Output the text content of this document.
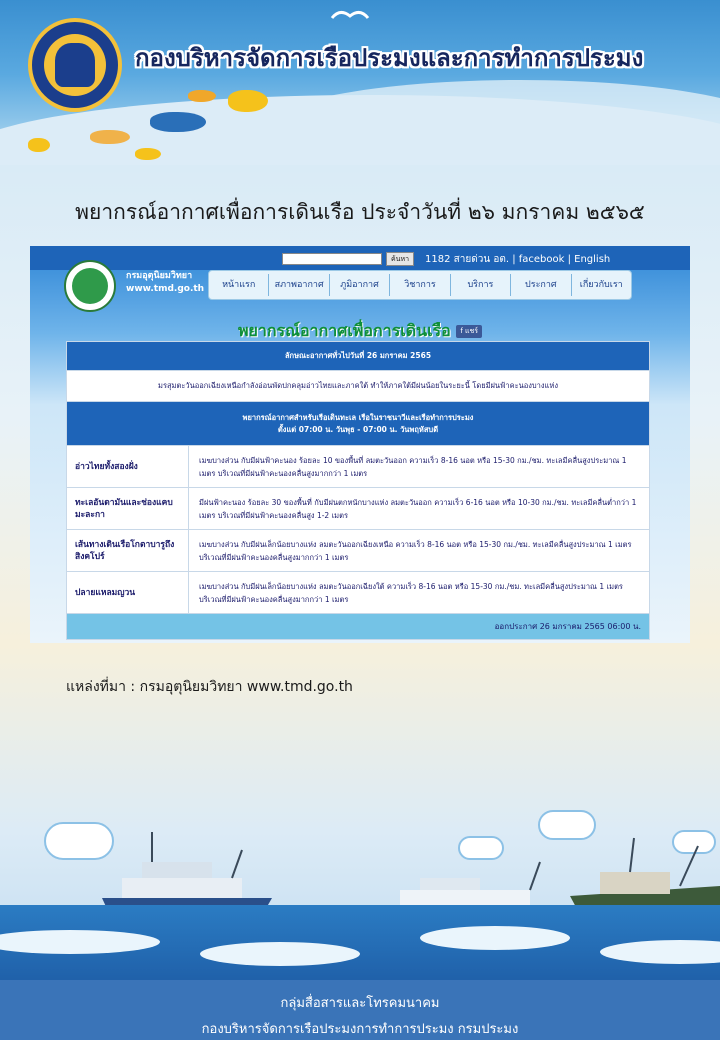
กองบริหารจัดการเรือประมงและการทำการประมง
พยากรณ์อากาศเพื่อการเดินเรือ ประจำวันที่ ๒๖ มกราคม ๒๕๖๕
ค้นหา	1182 สายด่วน อต. | facebook | English
กรมอุตุนิยมวิทยา
www.tmd.go.th	หน้าแรก	สภาพอากาศ	ภูมิอากาศ	วิชาการ	บริการ	ประกาศ	เกี่ยวกับเรา
พยากรณ์อากาศเพื่อการเดินเรือ f แชร์
ลักษณะอากาศทั่วไปวันที่ 26 มกราคม 2565	
มรสุมตะวันออกเฉียงเหนือกำลังอ่อนพัดปกคลุมอ่าวไทยและภาคใต้ ทำให้ภาคใต้มีฝนน้อยในระยะนี้ โดยมีฝนฟ้าคะนองบางแห่ง	

พยากรณ์อากาศสำหรับเรือเดินทะเล เรือในราชนาวีและเรือทำการประมง
ตั้งแต่ 07:00 น. วันพุธ - 07:00 น. วันพฤหัสบดี	

อ่าวไทยทั้งสองฝั่ง	เมฆบางส่วน กับมีฝนฟ้าคะนอง ร้อยละ 10 ของพื้นที่ ลมตะวันออก ความเร็ว 8-16 นอต หรือ 15-30 กม./ชม. ทะเลมีคลื่นสูงประมาณ 1 เมตร บริเวณที่มีฝนฟ้าคะนองคลื่นสูงมากกว่า 1 เมตร
ทะเลอันดามันและช่องแคบมะละกา	มีฝนฟ้าคะนอง ร้อยละ 30 ของพื้นที่ กับมีฝนตกหนักบางแห่ง ลมตะวันออก ความเร็ว 6-16 นอต หรือ 10-30 กม./ชม. ทะเลมีคลื่นต่ำกว่า 1 เมตร บริเวณที่มีฝนฟ้าคะนองคลื่นสูง 1-2 เมตร
เส้นทางเดินเรือโกตาบารูถึงสิงคโปร์	เมฆบางส่วน กับมีฝนเล็กน้อยบางแห่ง ลมตะวันออกเฉียงเหนือ ความเร็ว 8-16 นอต หรือ 15-30 กม./ชม. ทะเลมีคลื่นสูงประมาณ 1 เมตร บริเวณที่มีฝนฟ้าคะนองคลื่นสูงมากกว่า 1 เมตร
ปลายแหลมญวน	เมฆบางส่วน กับมีฝนเล็กน้อยบางแห่ง ลมตะวันออกเฉียงใต้ ความเร็ว 8-16 นอต หรือ 15-30 กม./ชม. ทะเลมีคลื่นสูงประมาณ 1 เมตร บริเวณที่มีฝนฟ้าคะนองคลื่นสูงมากกว่า 1 เมตร
ออกประกาศ 26 มกราคม 2565 06:00 น.	
แหล่งที่มา : กรมอุตุนิยมวิทยา www.tmd.go.th
กลุ่มสื่อสารและโทรคมนาคม
กองบริหารจัดการเรือประมงการทำการประมง กรมประมง
